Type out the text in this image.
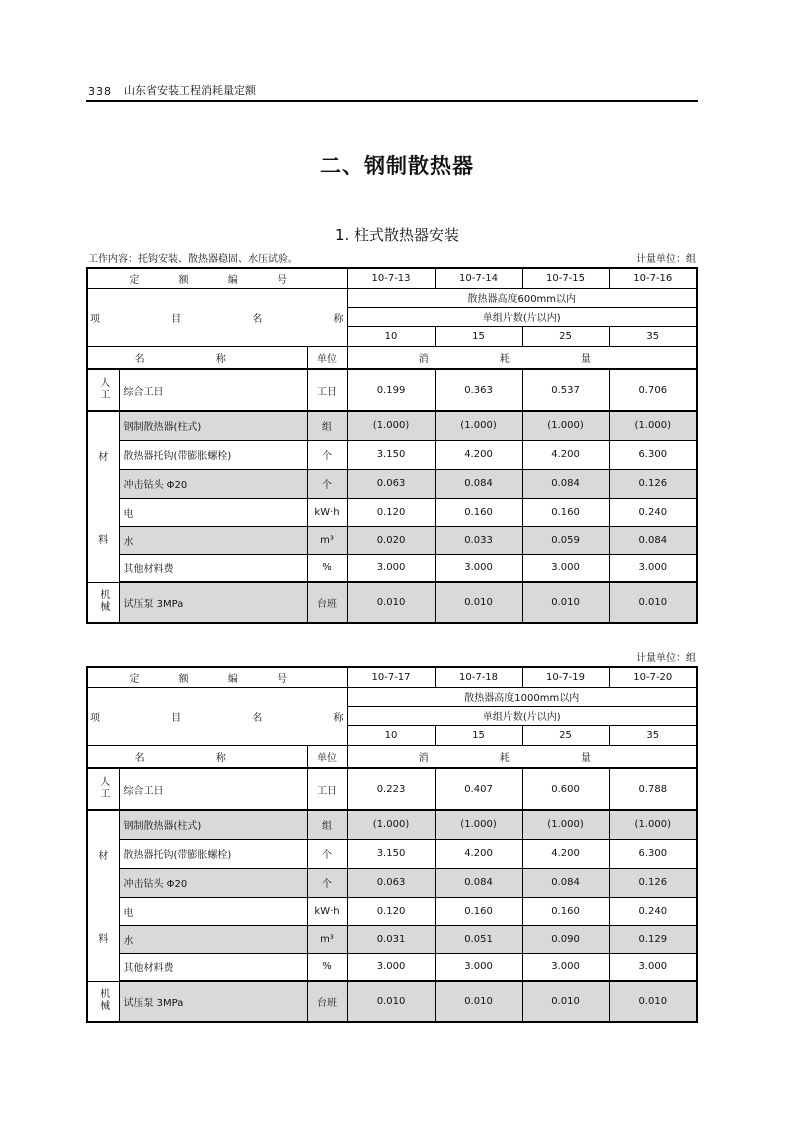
338 山东省安装工程消耗量定额
二、钢制散热器
1. 柱式散热器安装
工作内容：托钩安装、散热器稳固、水压试验。	计量单位：组
定 额 编 号			10-7-13	10-7-14	10-7-15	10-7-16
项 目 名 称			散热器高度600mm以内			
			单组片数(片以内)			
			10	15	25	35
名 称		单位	消 耗 量			
人工	综合工日	工日	0.199	0.363	0.537	0.706

材
料	钢制散热器(柱式)	组	(1.000)	(1.000)	(1.000)	(1.000)
	散热器托钩(带膨胀螺栓)	个	3.150	4.200	4.200	6.300
	冲击钻头 Φ20	个	0.063	0.084	0.084	0.126
	电	kW·h	0.120	0.160	0.160	0.240
	水	m³	0.020	0.033	0.059	0.084
	其他材料费	%	3.000	3.000	3.000	3.000
机械	试压泵 3MPa	台班	0.010	0.010	0.010	0.010
计量单位：组
定 额 编 号			10-7-17	10-7-18	10-7-19	10-7-20
项 目 名 称			散热器高度1000mm以内			
			单组片数(片以内)			
			10	15	25	35
名 称		单位	消 耗 量			
人工	综合工日	工日	0.223	0.407	0.600	0.788

材
料	钢制散热器(柱式)	组	(1.000)	(1.000)	(1.000)	(1.000)
	散热器托钩(带膨胀螺栓)	个	3.150	4.200	4.200	6.300
	冲击钻头 Φ20	个	0.063	0.084	0.084	0.126
	电	kW·h	0.120	0.160	0.160	0.240
	水	m³	0.031	0.051	0.090	0.129
	其他材料费	%	3.000	3.000	3.000	3.000
机械	试压泵 3MPa	台班	0.010	0.010	0.010	0.010
